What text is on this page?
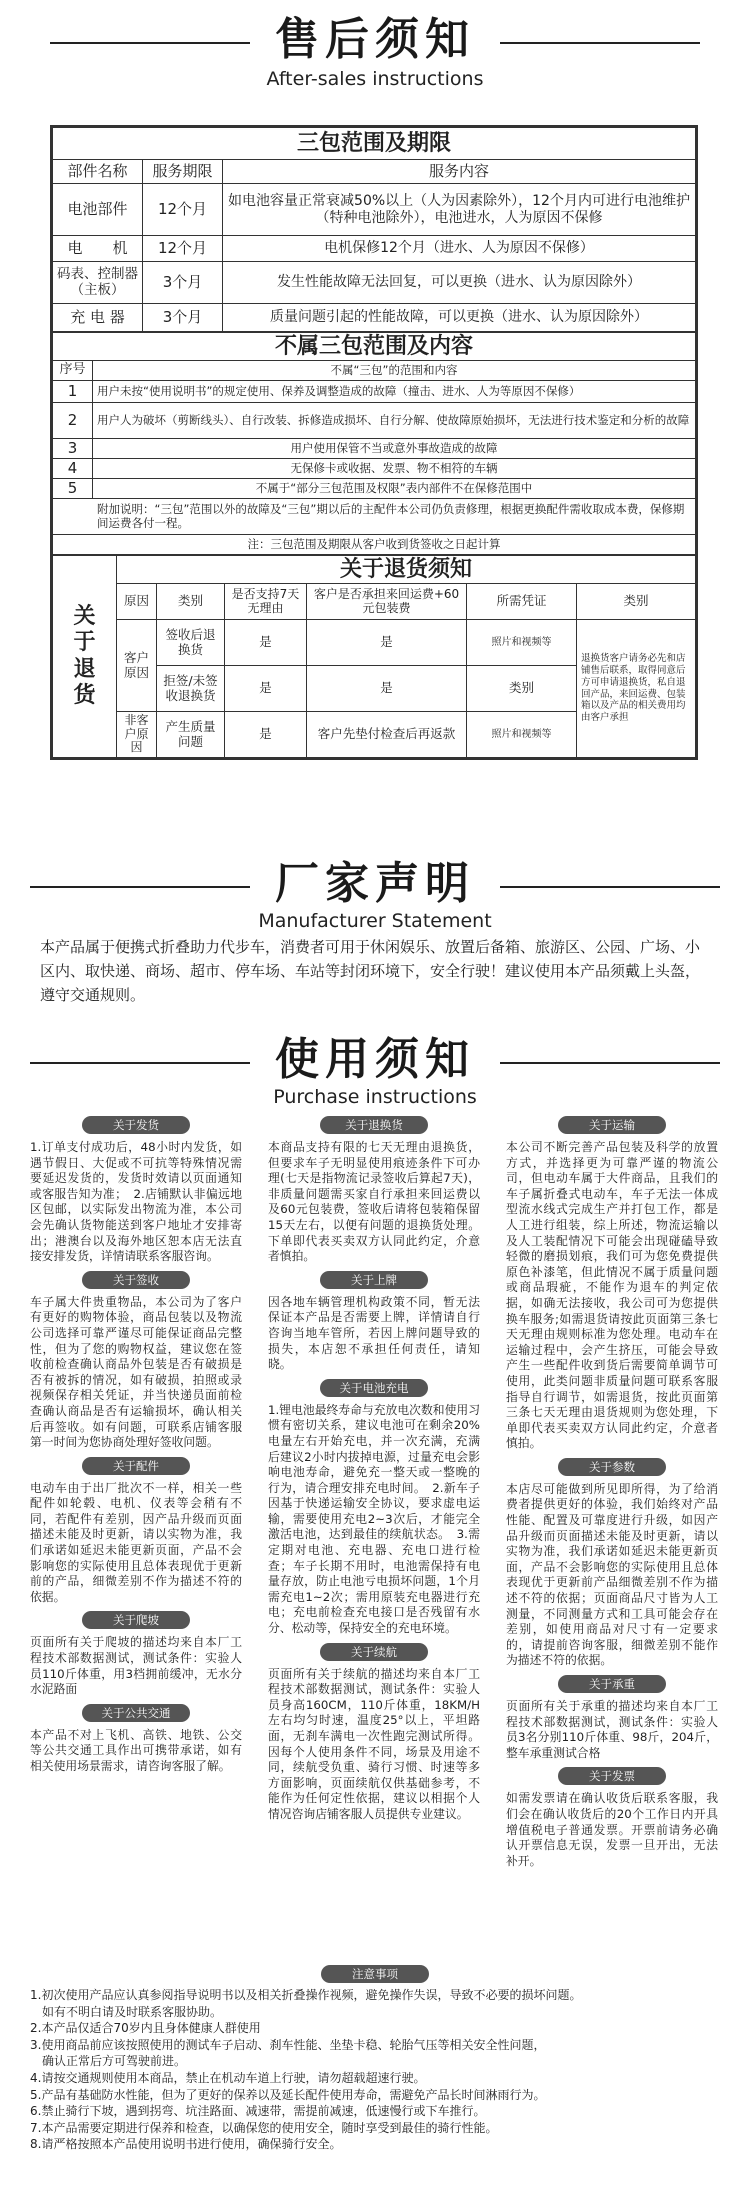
售后须知
After-sales instructions
三包范围及期限		
部件名称	服务期限	服务内容
电池部件	12个月	如电池容量正常衰减50%以上（人为因素除外），12个月内可进行电池维护（特种电池除外），电池进水，人为原因不保修
电　　机	12个月	电机保修12个月（进水、人为原因不保修）
码表、控制器（主板）	3个月	发生性能故障无法回复，可以更换（进水、认为原因除外）
充 电 器	3个月	质量问题引起的性能故障，可以更换（进水、认为原因除外）
不属三包范围及内容	
序号	不属“三包”的范围和内容
1	用户未按“使用说明书”的规定使用、保养及调整造成的故障（撞击、进水、人为等原因不保修）
2	用户人为破坏（剪断线头）、自行改装、拆修造成损坏、自行分解、使故障原始损坏，无法进行技术鉴定和分析的故障
3	用户使用保管不当或意外事故造成的故障
4	无保修卡或收据、发票、物不相符的车辆
5	不属于“部分三包范围及权限”表内部件不在保修范围中
附加说明：“三包”范围以外的故障及“三包”期以后的主配件本公司仍负责修理，根据更换配件需收取成本费，保修期间运费各付一程。	
注：三包范围及期限从客户收到货签收之日起计算	
关于退货	关于退货须知					
	原因	类别	是否支持7天无理由	客户是否承担来回运费+60元包装费	所需凭证	类别
	客户原因	签收后退换货	是	是	照片和视频等	退换货客户请务必先和店铺售后联系，取得同意后方可申请退换货，私自退回产品，来回运费、包装箱以及产品的相关费用均由客户承担
		拒签/未签收退换货	是	是	类别	
	非客户原因	产生质量问题	是	客户先垫付检查后再返款	照片和视频等	
厂家声明
Manufacturer Statement
本产品属于便携式折叠助力代步车，消费者可用于休闲娱乐、放置后备箱、旅游区、公园、广场、小区内、取快递、商场、超市、停车场、车站等封闭环境下，安全行驶！建议使用本产品须戴上头盔，遵守交通规则。
使用须知
Purchase instructions
关于发货

1.订单支付成功后，48小时内发货，如遇节假日、大促或不可抗等特殊情况需要延迟发货的，发货时效请以页面通知或客服告知为准；　2.店铺默认非偏远地区包邮，以实际发出物流为准，本公司会先确认货物能送到客户地址才安排寄出；港澳台以及海外地区恕本店无法直接安排发货，详情请联系客服咨询。

关于签收

车子属大件贵重物品，本公司为了客户有更好的购物体验，商品包装以及物流公司选择可靠严谨尽可能保证商品完整性，但为了您的购物权益，建议您在签收前检查确认商品外包装是否有破损是否有被拆的情况，如有破损，拍照或录视频保存相关凭证，并当快递员面前检查确认商品是否有运输损坏，确认相关后再签收。如有问题，可联系店铺客服第一时间为您协商处理好签收问题。

关于配件

电动车由于出厂批次不一样，相关一些配件如轮毂、电机、仪表等会稍有不同，若配件有差别，因产品升级而页面描述未能及时更新，请以实物为准，我们承诺如延迟未能更新页面，产品不会影响您的实际使用且总体表现优于更新前的产品，细微差别不作为描述不符的依据。

关于爬坡

页面所有关于爬坡的描述均来自本厂工程技术部数据测试，测试条件：实验人员110斤体重，用3档拥前缓冲，无水分水泥路面

关于公共交通

本产品不对上飞机、高铁、地铁、公交等公共交通工具作出可携带承诺，如有相关使用场景需求，请咨询客服了解。

关于退换货

本商品支持有限的七天无理由退换货，但要求车子无明显使用痕迹条件下可办理(七天是指物流记录签收后算起7天)，非质量问题需买家自行承担来回运费以及60元包装费，签收后请将包装箱保留15天左右，以便有问题的退换货处理。下单即代表买卖双方认同此约定，介意者慎拍。

关于上牌

因各地车辆管理机构政策不同，暂无法保证本产品是否需要上牌，详情请自行咨询当地车管所，若因上牌问题导致的损失，本店恕不承担任何责任，请知晓。

关于电池充电

1.锂电池最终寿命与充放电次数和使用习惯有密切关系，建议电池可在剩余20%电量左右开始充电，并一次充满，充满后建议2小时内拔掉电源，过量充电会影响电池寿命，避免充一整天或一整晚的行为，请合理安排充电时间。　2.新车子因基于快递运输安全协议，要求虚电运输，需要使用充电2~3次后，才能完全激活电池，达到最佳的续航状态。　3.需定期对电池、充电器、充电口进行检查；车子长期不用时，电池需保持有电量存放，防止电池亏电损坏问题，1个月需充电1~2次；需用原装充电器进行充电；充电前检查充电接口是否残留有水分、松动等，保持安全的充电环境。

关于续航

页面所有关于续航的描述均来自本厂工程技术部数据测试，测试条件：实验人员身高160CM，110斤体重，18KM/H左右均匀时速，温度25°以上，平坦路面，无刹车满电一次性跑完测试所得。因每个人使用条件不同，场景及用途不同，续航受负重、骑行习惯、时速等多方面影响，页面续航仅供基础参考，不能作为任何定性依据，建议以相据个人情况咨询店铺客服人员提供专业建议。

关于运输

本公司不断完善产品包装及科学的放置方式，并选择更为可靠严谨的物流公司，但电动车属于大件商品，且我们的车子属折叠式电动车，车子无法一体成型流水线式完成生产并打包工作，都是人工进行组装，综上所述，物流运输以及人工装配情况下可能会出现碰磕导致轻微的磨损划痕，我们可为您免费提供原色补漆笔，但此情况不属于质量问题或商品瑕疵，不能作为退车的判定依据，如确无法接收，我公司可为您提供换车服务;如需退货请按此页面第三条七天无理由规则标准为您处理。电动车在运输过程中，会产生挤压，可能会导致产生一些配件收到货后需要简单调节可使用，此类问题非质量问题可联系客服指导自行调节，如需退货，按此页面第三条七天无理由退货规则为您处理，下单即代表买卖双方认同此约定，介意者慎拍。

关于参数

本店尽可能做到所见即所得，为了给消费者提供更好的体验，我们始终对产品性能、配置及可靠度进行升级，如因产品升级而页面描述未能及时更新，请以实物为准，我们承诺如延迟未能更新页面，产品不会影响您的实际使用且总体表现优于更新前产品细微差别不作为描述不符的依据；页面商品尺寸皆为人工测量，不同测量方式和工具可能会存在差别，如使用商品对尺寸有一定要求的，请提前咨询客服，细微差别不能作为描述不符的依据。

关于承重

页面所有关于承重的描述均来自本厂工程技术部数据测试，测试条件：实验人员3名分别110斤体重、98斤，204斤，整车承重测试合格

关于发票

如需发票请在确认收货后联系客服，我们会在确认收货后的20个工作日内开具增值税电子普通发票。开票前请务必确认开票信息无误，发票一旦开出，无法补开。

注意事项
1.初次使用产品应认真参阅指导说明书以及相关折叠操作视频，避免操作失误，导致不必要的损坏问题。
　如有不明白请及时联系客服协助。
2.本产品仅适合70岁内且身体健康人群使用
3.使用商品前应该按照使用的测试车子启动、刹车性能、坐垫卡稳、轮胎气压等相关安全性问题，
　确认正常后方可驾驶前进。
4.请按交通规则使用本商品，禁止在机动车道上行驶，请勿超载超速行驶。
5.产品有基础防水性能，但为了更好的保养以及延长配件使用寿命，需避免产品长时间淋雨行为。
6.禁止骑行下坡，遇到拐弯、坑洼路面、减速带，需提前减速，低速慢行或下车推行。
7.本产品需要定期进行保养和检查，以确保您的使用安全，随时享受到最佳的骑行性能。
8.请严格按照本产品使用说明书进行使用，确保骑行安全。
